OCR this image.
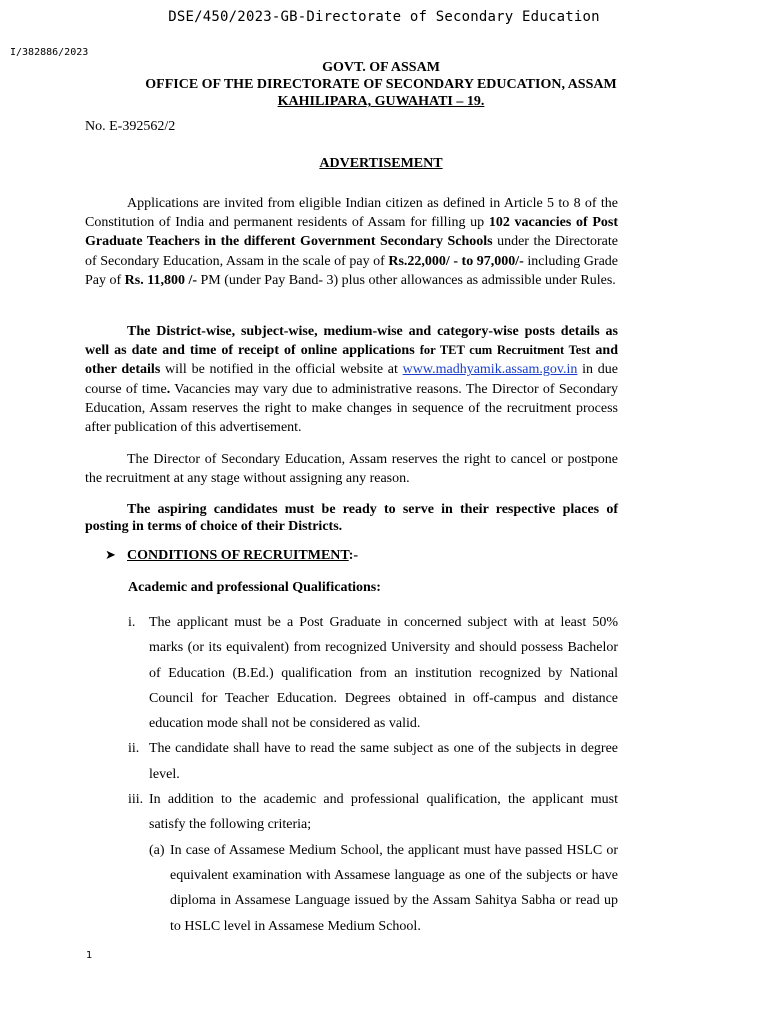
DSE/450/2023-GB-Directorate of Secondary Education
I/382886/2023
GOVT. OF ASSAM
OFFICE OF THE DIRECTORATE OF SECONDARY EDUCATION, ASSAM
KAHILIPARA, GUWAHATI – 19.
No. E-392562/2
ADVERTISEMENT

Applications are invited from eligible Indian citizen as defined in Article 5 to 8 of the Constitution of India and permanent residents of Assam for filling up 102 vacancies of Post Graduate Teachers in the different Government Secondary Schools under the Directorate of Secondary Education, Assam in the scale of pay of Rs.22,000/ - to 97,000/- including Grade Pay of Rs. 11,800 /- PM (under Pay Band- 3) plus other allowances as admissible under Rules.

The District-wise, subject-wise, medium-wise and category-wise posts details as well as date and time of receipt of online applications for TET cum Recruitment Test and other details will be notified in the official website at www.madhyamik.assam.gov.in in due course of time. Vacancies may vary due to administrative reasons. The Director of Secondary Education, Assam reserves the right to make changes in sequence of the recruitment process after publication of this advertisement.

The Director of Secondary Education, Assam reserves the right to cancel or postpone the recruitment at any stage without assigning any reason.

The aspiring candidates must be ready to serve in their respective places of posting in terms of choice of their Districts.

➤ CONDITIONS OF RECRUITMENT:-
Academic and professional Qualifications:
i. The applicant must be a Post Graduate in concerned subject with at least 50% marks (or its equivalent) from recognized University and should possess Bachelor of Education (B.Ed.) qualification from an institution recognized by National Council for Teacher Education. Degrees obtained in off-campus and distance education mode shall not be considered as valid.
ii. The candidate shall have to read the same subject as one of the subjects in degree level.
iii. In addition to the academic and professional qualification, the applicant must satisfy the following criteria;
(a) In case of Assamese Medium School, the applicant must have passed HSLC or equivalent examination with Assamese language as one of the subjects or have diploma in Assamese Language issued by the Assam Sahitya Sabha or read up to HSLC level in Assamese Medium School.
1
